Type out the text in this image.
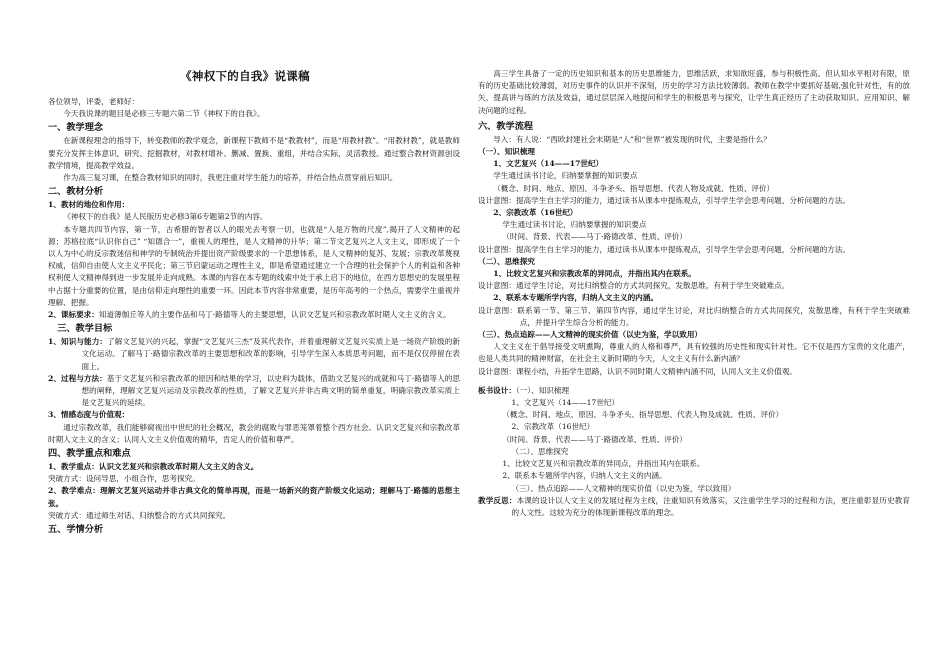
《神权下的自我》说课稿

各位领导，评委，老师好：

今天我说课的题目是必修三专题六第二节《神权下的自我》。

一、教学理念

在新课程理念的指导下，转变教师的教学观念，新课程下教师不是“教教材”，而是“用教材教”。“用教材教”，就是教师要充分发挥主体意识，研究、挖掘教材，对教材增补、删减、置换、重组，并结合实际，灵活教授。通过整合教材资源创设教学情境，提高教学效益。

作为高三复习课，在整合教材知识的同时，我更注重对学生能力的培养，并结合热点贯穿前后知识。

二、教材分析

1、教材的地位和作用：

《神权下的自我》是人民版历史必修3第6专题第2节的内容。

本专题共四节内容，第一节，古希腊的智者以人的眼光去考察一切，也就是“人是万物的尺度”,揭开了人文精神的起源；苏格拉底“认识你自己” “知德合一”，重视人的理性，是人文精神的升华；第二节文艺复兴之人文主义，即形成了一个以人为中心的反宗教迷信和神学的专制统治并提出资产阶级要求的一个思想体系，是人文精神的复苏、发展；宗教改革蔑视权威，信仰自由使人文主义平民化；第三节启蒙运动之理性主义，即是希望通过建立一个合理的社会保护个人的利益和各种权利使人文精神得到进一步发展并走向成熟。本课的内容在本专题的线索中处于承上启下的地位，在西方思想史的发展里程中占据十分重要的位置，是由信仰走向理性的重要一环。因此本节内容非常重要，是历年高考的一个热点，需要学生重视并理解、把握。

2、课标要求：知道薄伽丘等人的主要作品和马丁·路德等人的主要思想，认识文艺复兴和宗教改革时期人文主义的含义。

三、教学目标

1、知识与能力：了解文艺复兴的兴起，掌握“文艺复兴三杰”及其代表作，并着重理解文艺复兴实质上是一场资产阶级的新文化运动。了解马丁·路德宗教改革的主要思想和改革的影响，引导学生深入本质思考问题，而不是仅仅停留在表面上。

2、过程与方法：基于文艺复兴和宗教改革的原因和结果的学习，以史料为载体，借助文艺复兴的成就和马丁·路德等人的思想的阐释，理解文艺复兴运动及宗教改革的性质，了解文艺复兴并非古典文明的简单重复，明确宗教改革实质上是文艺复兴的延续。

3、情感态度与价值观：

通过宗教改革，我们能够窥视出中世纪的社会概况，教会的腐败与罪恶笼罩着整个西方社会。认识文艺复兴和宗教改革时期人文主义的含义；认同人文主义价值观的精华，肯定人的价值和尊严。

四、教学重点和难点

1、教学重点：认识文艺复兴和宗教改革时期人文主义的含义。

突破方式：设问导思，小组合作，思考探究。

2、教学难点：理解文艺复兴运动并非古典文化的简单再现，而是一场新兴的资产阶级文化运动；理解马丁·路德的思想主张。

突破方式：通过师生对话、归纳整合的方式共同探究。

五、学情分析

高三学生具备了一定的历史知识和基本的历史思维能力，思维活跃，求知欲旺盛，参与积极性高。但认知水平相对有限，原有的历史基础比较薄弱，对历史事件的认识并不深刻，历史的学习方法比较薄弱。教师在教学中要抓好基础,强化针对性，有的放矢，提高讲与练的方法及效益，通过层层深入地提问和学生的积极思考与探究，让学生真正经历了主动获取知识、应用知识、解决问题的过程。

六、教学流程

导入：有人说：“西欧封建社会末期是“人”和“世界”被发现的时代，主要是指什么？

（一）、知识梳理

1、文艺复兴（14——17世纪）

学生通过读书讨论，归纳要掌握的知识要点

（概念、时间、地点、原因、斗争矛头、指导思想、代表人物及成就、性质、评价）

设计意图：提高学生自主学习的能力，通过读书从课本中提炼观点，引导学生学会思考问题、分析问题的方法。

2、宗教改革（16世纪）

学生通过读书讨论，归纳要掌握的知识要点

（时间、背景、代表——马丁·路德改革、性质、评价）

设计意图：提高学生自主学习的能力，通过读书从课本中提炼观点，引导学生学会思考问题，分析问题的方法。

（二）、思维探究

1、比较文艺复兴和宗教改革的异同点，并指出其内在联系。

设计意图：通过学生讨论，对比归纳整合的方式共同探究，发散思维，有利于学生突破难点。

2、联系本专题所学内容，归纳人文主义的内涵。

设计意图：联系第一节、第三节、第四节内容，通过学生讨论，对比归纳整合的方式共同探究，发散思维，有利于学生突破难点，并提升学生综合分析的能力。

（三）、热点追踪——人文精神的现实价值（以史为鉴，学以致用）

人文主义在于倡导接受文明熏陶，尊重人的人格和尊严，具有较强的历史性和现实针对性。它不仅是西方宝贵的文化遗产，也是人类共同的精神财富，在社会主义新时期的今天，人文主义有什么新内涵？

设计意图：课程小结，升拓学生思路，认识不同时期人文精神内涵不同，认同人文主义价值观。

板书设计：（一）、知识梳理

1、文艺复兴（14——17世纪）

（概念、时间、地点、原因、斗争矛头、指导思想、代表人物及成就、性质、评价）

2、宗教改革（16世纪）

（时间、背景、代表——马丁·路德改革、性质、评价）

（二）、思维探究

1、比较文艺复兴和宗教改革的异同点，并指出其内在联系。

2、联系本专题所学内容，归纳人文主义的内涵。

（三）、热点追踪——人文精神的现实价值（以史为鉴，学以致用）

教学反思：本课的设计以人文主义的发展过程为主线，注重知识有效落实，又注重学生学习的过程和方法，更注重彰显历史教育的人文性。这较为充分的体现新课程改革的理念。
